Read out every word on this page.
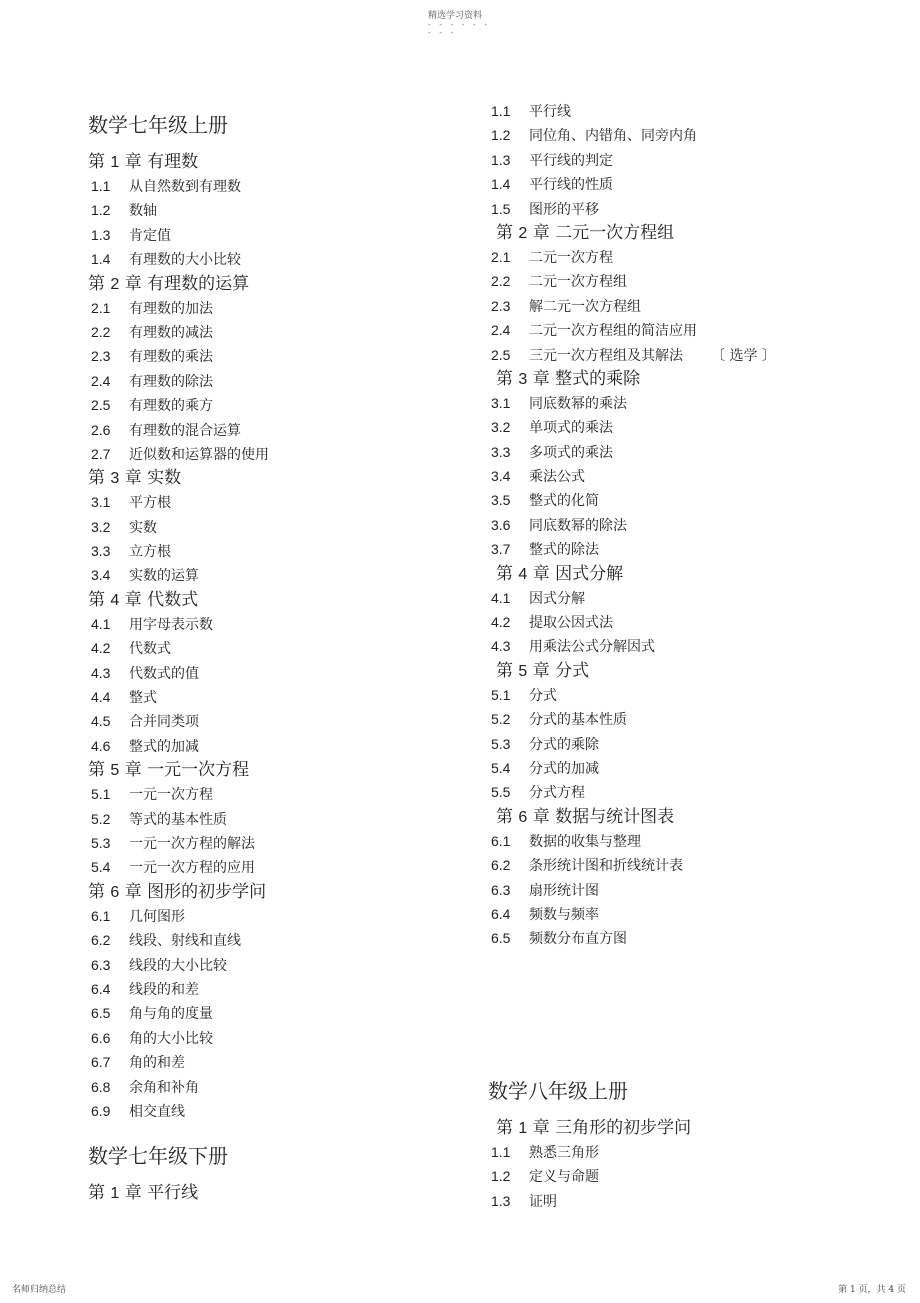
精选学习资料
- - - - - -
- - -
数学七年级上册
第 1 章 有理数
1.1 从自然数到有理数
1.2 数轴
1.3 肯定值
1.4 有理数的大小比较
第 2 章 有理数的运算
2.1 有理数的加法
2.2 有理数的减法
2.3 有理数的乘法
2.4 有理数的除法
2.5 有理数的乘方
2.6 有理数的混合运算
2.7 近似数和运算器的使用
第 3 章 实数
3.1 平方根
3.2 实数
3.3 立方根
3.4 实数的运算
第 4 章 代数式
4.1 用字母表示数
4.2 代数式
4.3 代数式的值
4.4 整式
4.5 合并同类项
4.6 整式的加减
第 5 章 一元一次方程
5.1 一元一次方程
5.2 等式的基本性质
5.3 一元一次方程的解法
5.4 一元一次方程的应用
第 6 章 图形的初步学问
6.1 几何图形
6.2 线段、射线和直线
6.3 线段的大小比较
6.4 线段的和差
6.5 角与角的度量
6.6 角的大小比较
6.7 角的和差
6.8 余角和补角
6.9 相交直线
数学七年级下册
第 1 章 平行线
1.1 平行线
1.2 同位角、内错角、同旁内角
1.3 平行线的判定
1.4 平行线的性质
1.5 图形的平移
第 2 章 二元一次方程组
2.1 二元一次方程
2.2 二元一次方程组
2.3 解二元一次方程组
2.4 二元一次方程组的简洁应用
2.5 三元一次方程组及其解法 〔 选学 〕
第 3 章 整式的乘除
3.1 同底数幂的乘法
3.2 单项式的乘法
3.3 多项式的乘法
3.4 乘法公式
3.5 整式的化简
3.6 同底数幂的除法
3.7 整式的除法
第 4 章 因式分解
4.1 因式分解
4.2 提取公因式法
4.3 用乘法公式分解因式
第 5 章 分式
5.1 分式
5.2 分式的基本性质
5.3 分式的乘除
5.4 分式的加减
5.5 分式方程
第 6 章 数据与统计图表
6.1 数据的收集与整理
6.2 条形统计图和折线统计表
6.3 扇形统计图
6.4 频数与频率
6.5 频数分布直方图
数学八年级上册
第 1 章 三角形的初步学问
1.1 熟悉三角形
1.2 定义与命题
1.3 证明
名师归纳总结	第 1 页，共 4 页
